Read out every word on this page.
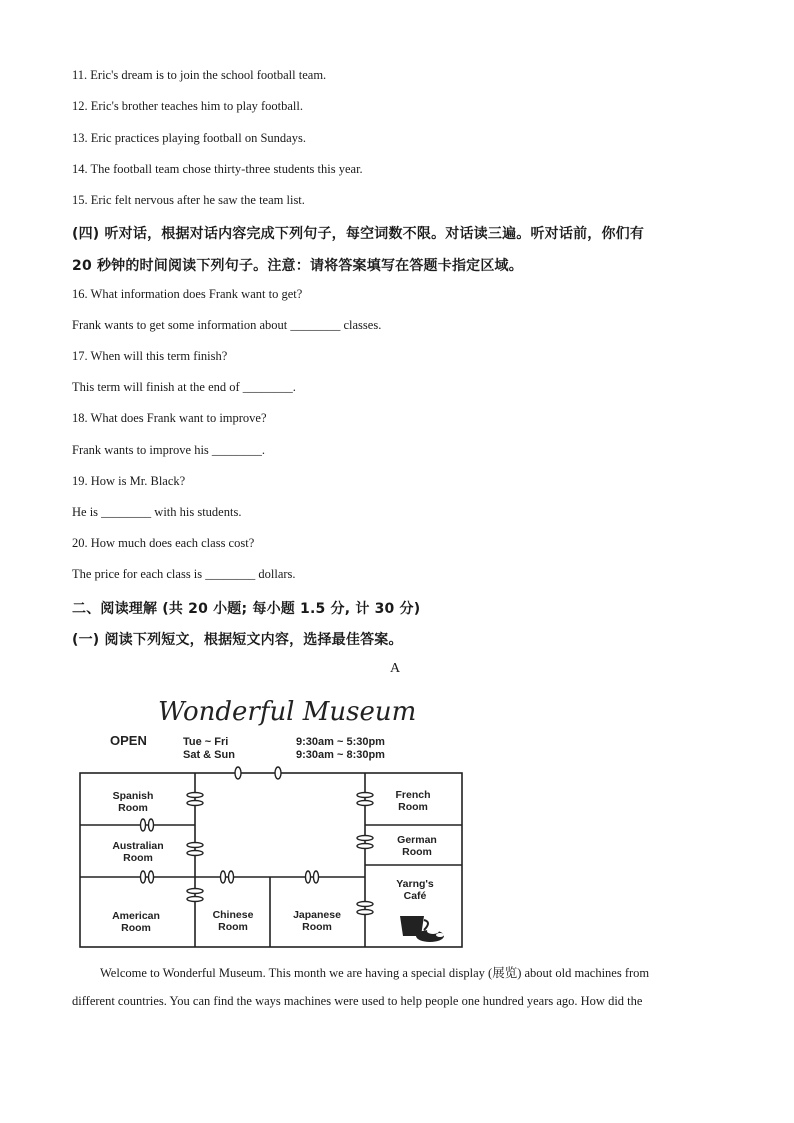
11. Eric's dream is to join the school football team.
12. Eric's brother teaches him to play football.
13. Eric practices playing football on Sundays.
14. The football team chose thirty-three students this year.
15. Eric felt nervous after he saw the team list.
(四) 听对话，根据对话内容完成下列句子，每空词数不限。对话读三遍。听对话前，你们有
20 秒钟的时间阅读下列句子。注意：请将答案填写在答题卡指定区域。
16. What information does Frank want to get?
Frank wants to get some information about ________ classes.
17. When will this term finish?
This term will finish at the end of ________.
18. What does Frank want to improve?
Frank wants to improve his ________.
19. How is Mr. Black?
He is ________ with his students.
20. How much does each class cost?
The price for each class is ________ dollars.
二、阅读理解 (共 20 小题; 每小题 1.5 分, 计 30 分)
(一) 阅读下列短文，根据短文内容，选择最佳答案。
A
Wonderful Museum
OPEN	Tue ~ Fri	9:30am ~ 5:30pm
Sat & Sun	9:30am ~ 8:30pm
Spanish
Room
Australian
Room
American
Room
Chinese
Room
Japanese
Room
French
Room
German
Room
Yarng's
Café
Welcome to Wonderful Museum. This month we are having a special display (展览) about old machines from
different countries. You can find the ways machines were used to help people one hundred years ago. How did the
